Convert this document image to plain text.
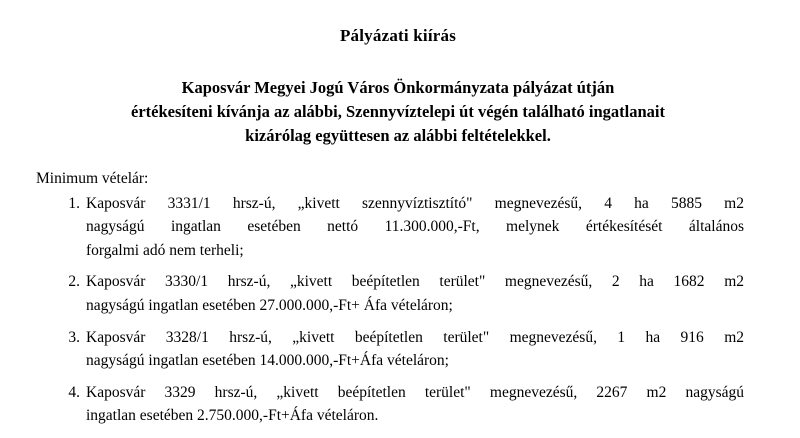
Pályázati kiírás
Kaposvár Megyei Jogú Város Önkormányzata pályázat útján
értékesíteni kívánja az alábbi, Szennyvíztelepi út végén található ingatlanait
kizárólag együttesen az alábbi feltételekkel.

Minimum vételár:

1. Kaposvár 3331/1 hrsz-ú, „kivett szennyvíztisztító" megnevezésű, 4 ha 5885 m2
nagyságú ingatlan esetében nettó 11.300.000,-Ft, melynek értékesítését általános
forgalmi adó nem terheli;
2. Kaposvár 3330/1 hrsz-ú, „kivett beépítetlen terület" megnevezésű, 2 ha 1682 m2
nagyságú ingatlan esetében 27.000.000,-Ft+ Áfa vételáron;
3. Kaposvár 3328/1 hrsz-ú, „kivett beépítetlen terület" megnevezésű, 1 ha 916 m2
nagyságú ingatlan esetében 14.000.000,-Ft+Áfa vételáron;
4. Kaposvár 3329 hrsz-ú, „kivett beépítetlen terület" megnevezésű, 2267 m2 nagyságú
ingatlan esetében 2.750.000,-Ft+Áfa vételáron.
